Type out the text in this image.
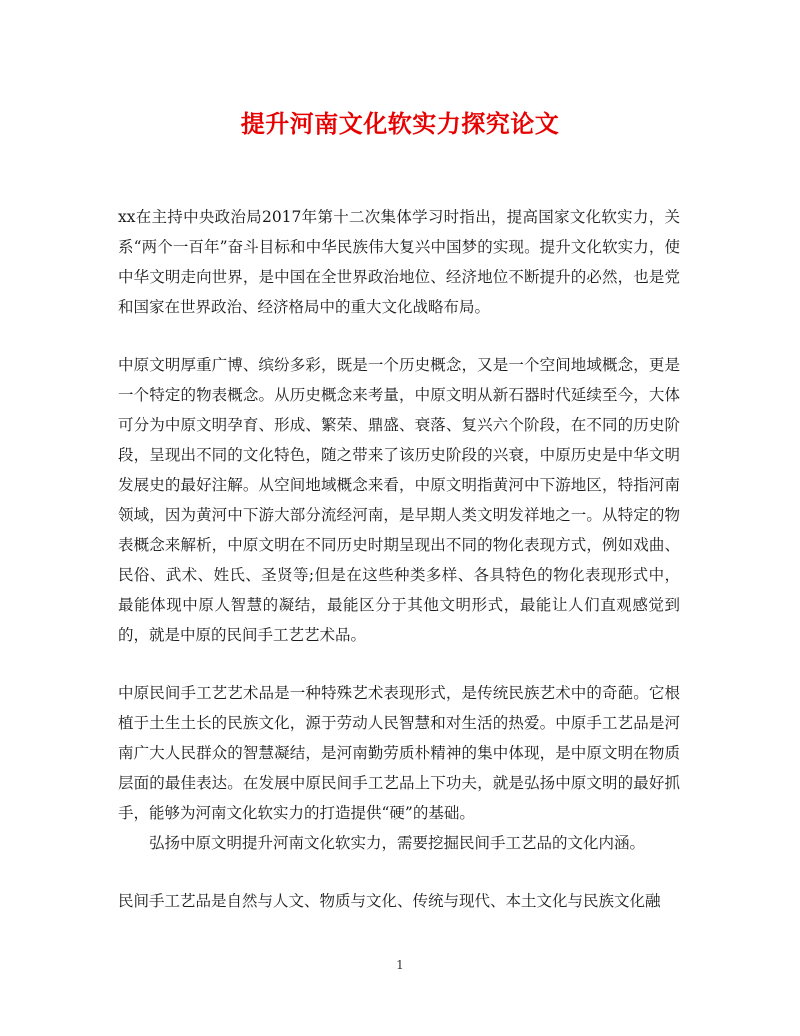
提升河南文化软实力探究论文

xx在主持中央政治局2017年第十二次集体学习时指出，提高国家文化软实力，关系“两个一百年”奋斗目标和中华民族伟大复兴中国梦的实现。提升文化软实力，使中华文明走向世界，是中国在全世界政治地位、经济地位不断提升的必然，也是党和国家在世界政治、经济格局中的重大文化战略布局。

中原文明厚重广博、缤纷多彩，既是一个历史概念，又是一个空间地域概念，更是一个特定的物表概念。从历史概念来考量，中原文明从新石器时代延续至今，大体可分为中原文明孕育、形成、繁荣、鼎盛、衰落、复兴六个阶段，在不同的历史阶段，呈现出不同的文化特色，随之带来了该历史阶段的兴衰，中原历史是中华文明发展史的最好注解。从空间地域概念来看，中原文明指黄河中下游地区，特指河南领域，因为黄河中下游大部分流经河南，是早期人类文明发祥地之一。从特定的物表概念来解析，中原文明在不同历史时期呈现出不同的物化表现方式，例如戏曲、民俗、武术、姓氏、圣贤等;但是在这些种类多样、各具特色的物化表现形式中，最能体现中原人智慧的凝结，最能区分于其他文明形式，最能让人们直观感觉到的，就是中原的民间手工艺艺术品。

中原民间手工艺艺术品是一种特殊艺术表现形式，是传统民族艺术中的奇葩。它根植于土生土长的民族文化，源于劳动人民智慧和对生活的热爱。中原手工艺品是河南广大人民群众的智慧凝结，是河南勤劳质朴精神的集中体现，是中原文明在物质层面的最佳表达。在发展中原民间手工艺品上下功夫，就是弘扬中原文明的最好抓手，能够为河南文化软实力的打造提供“硬”的基础。

弘扬中原文明提升河南文化软实力，需要挖掘民间手工艺品的文化内涵。

民间手工艺品是自然与人文、物质与文化、传统与现代、本土文化与民族文化融

1
